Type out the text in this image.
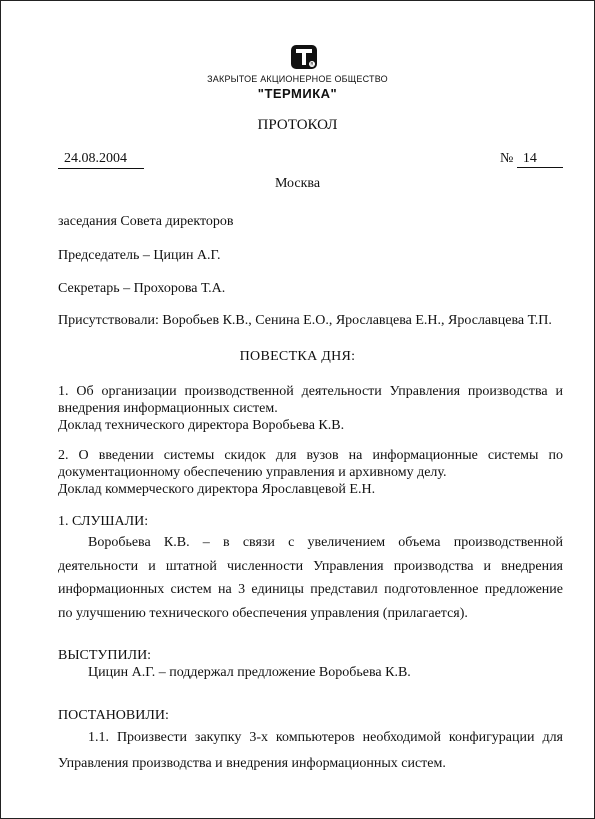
R
ЗАКРЫТОЕ АКЦИОНЕРНОЕ ОБЩЕСТВО
"ТЕРМИКА"
ПРОТОКОЛ
24.08.2004	№ 14
Москва
заседания Совета директоров
Председатель – Цицин А.Г.
Секретарь – Прохорова Т.А.
Присутствовали: Воробьев К.В., Сенина Е.О., Ярославцева Е.Н., Ярославцева Т.П.
ПОВЕСТКА ДНЯ:
1. Об организации производственной деятельности Управления производства и
внедрения информационных систем.
Доклад технического директора Воробьева К.В.
2. О введении системы скидок для вузов на информационные системы по
документационному обеспечению управления и архивному делу.
Доклад коммерческого директора Ярославцевой Е.Н.
1. СЛУШАЛИ:
Воробьева К.В. – в связи с увеличением объема производственной
деятельности и штатной численности Управления производства и внедрения
информационных систем на 3 единицы представил подготовленное предложение
по улучшению технического обеспечения управления (прилагается).
ВЫСТУПИЛИ:
Цицин А.Г. – поддержал предложение Воробьева К.В.
ПОСТАНОВИЛИ:
1.1. Произвести закупку 3-х компьютеров необходимой конфигурации для
Управления производства и внедрения информационных систем.
